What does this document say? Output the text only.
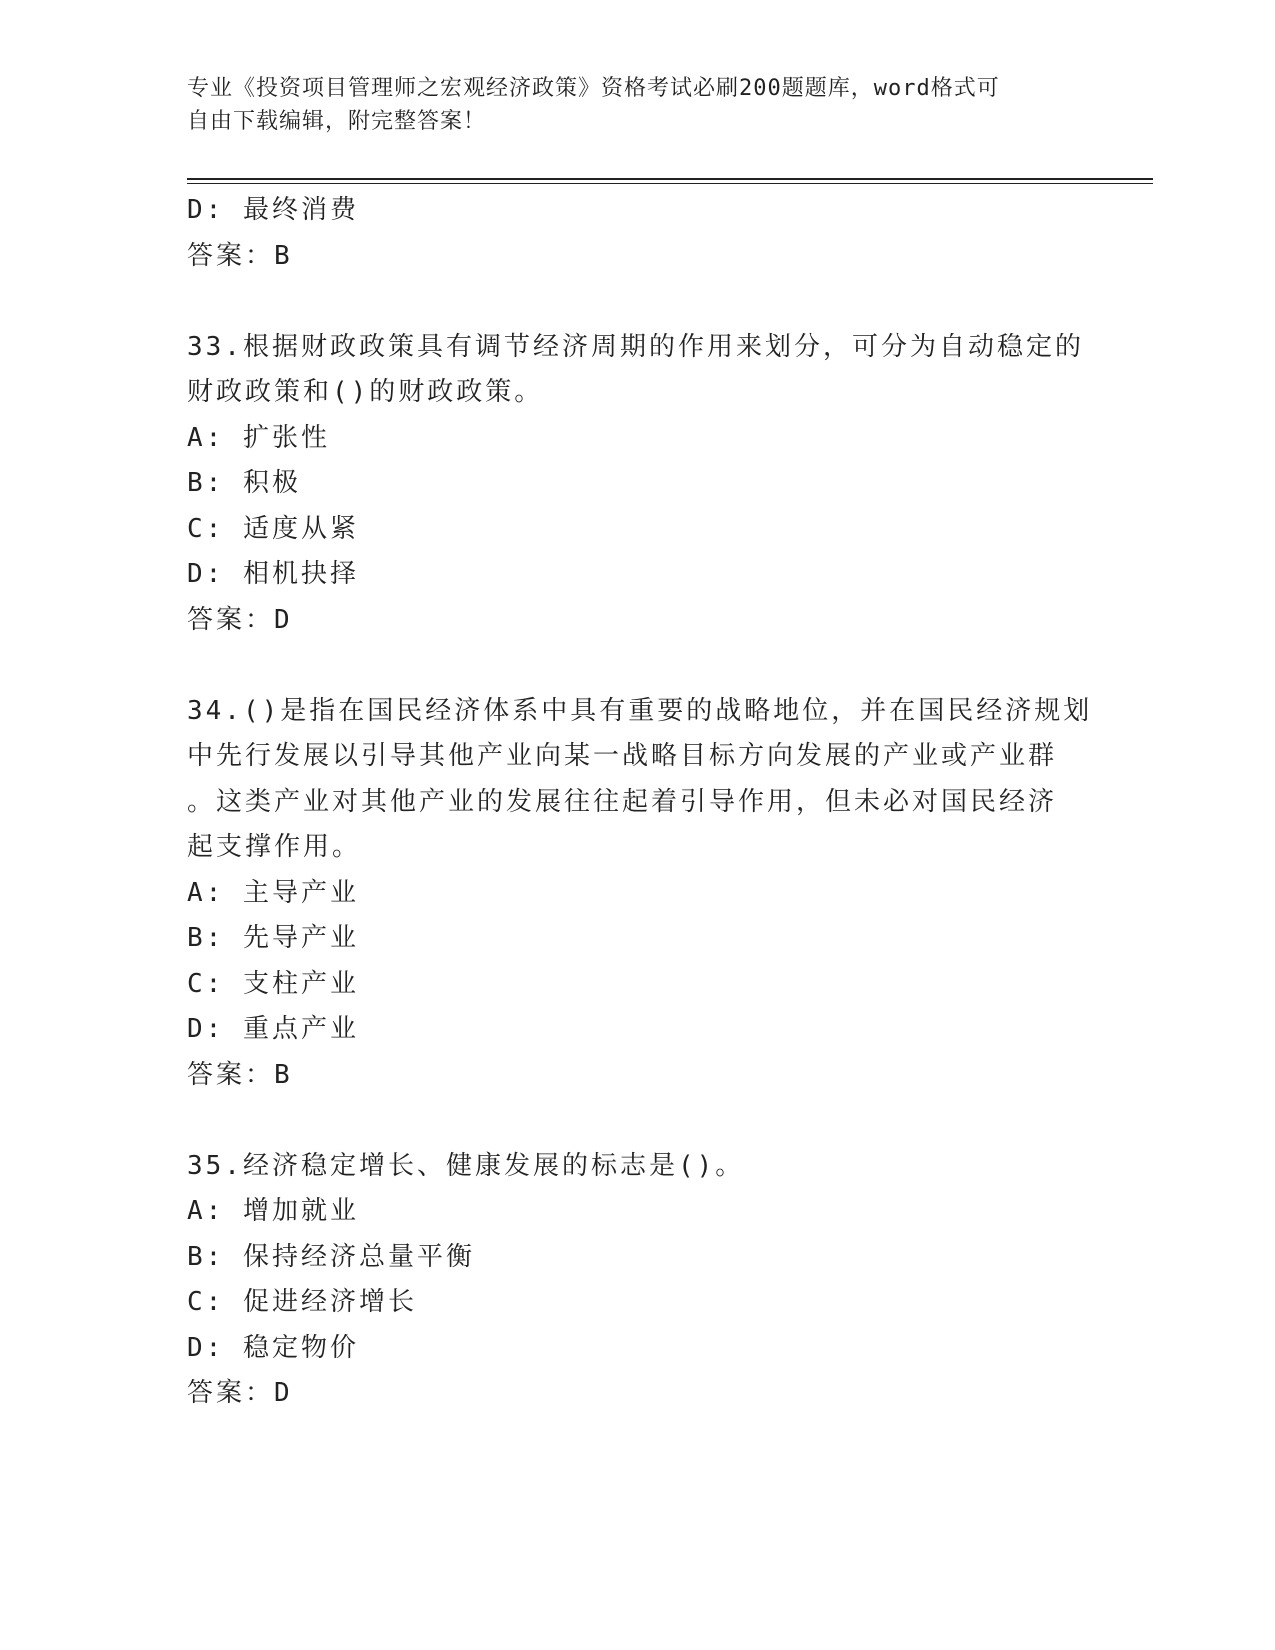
专业《投资项目管理师之宏观经济政策》资格考试必刷200题题库，word格式可
自由下载编辑，附完整答案！
D: 最终消费
答案：B
33.根据财政政策具有调节经济周期的作用来划分，可分为自动稳定的
财政政策和()的财政政策。
A: 扩张性
B: 积极
C: 适度从紧
D: 相机抉择
答案：D
34.()是指在国民经济体系中具有重要的战略地位，并在国民经济规划
中先行发展以引导其他产业向某一战略目标方向发展的产业或产业群
。这类产业对其他产业的发展往往起着引导作用，但未必对国民经济
起支撑作用。
A: 主导产业
B: 先导产业
C: 支柱产业
D: 重点产业
答案：B
35.经济稳定增长、健康发展的标志是()。
A: 增加就业
B: 保持经济总量平衡
C: 促进经济增长
D: 稳定物价
答案：D
